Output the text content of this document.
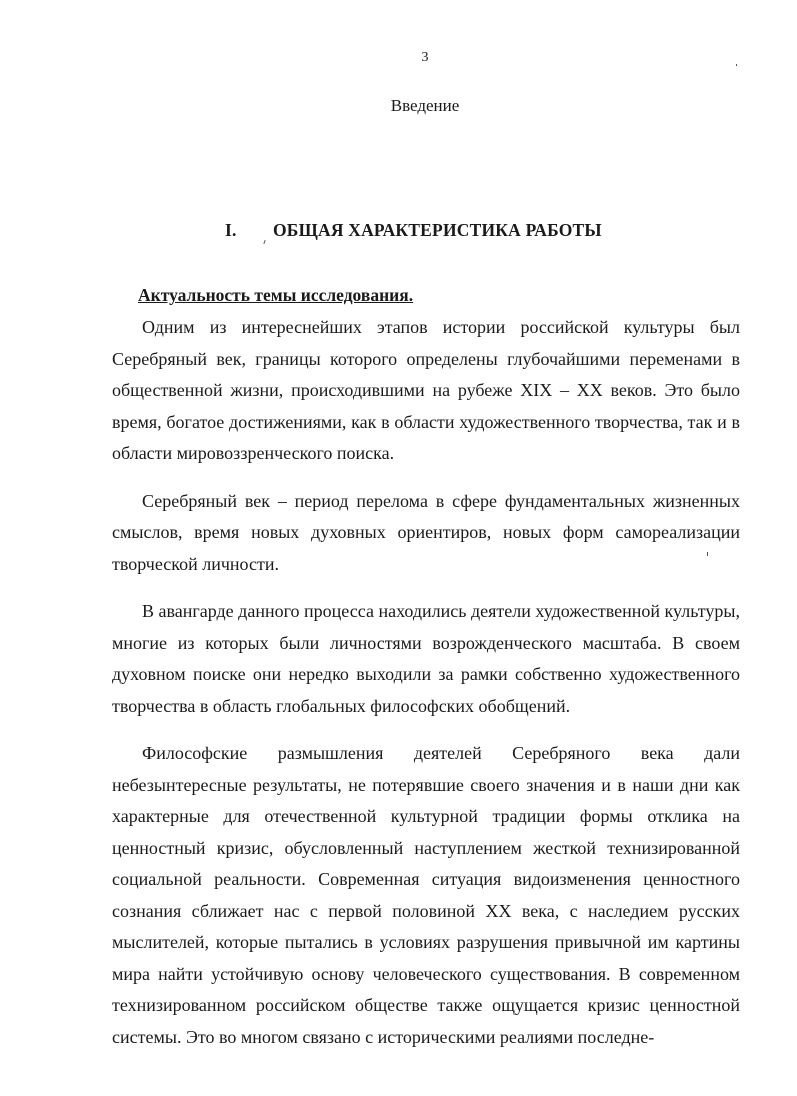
3
Введение
I. ОБЩАЯ ХАРАКТЕРИСТИКА РАБОТЫ
Актуальность темы исследования.

Одним из интереснейших этапов истории российской культуры был Серебряный век, границы которого определены глубочайшими переменами в общественной жизни, происходившими на рубеже XIX – XX веков. Это было время, богатое достижениями, как в области художественного творчества, так и в области мировоззренческого поиска.

Серебряный век – период перелома в сфере фундаментальных жизненных смыслов, время новых духовных ориентиров, новых форм самореализации творческой личности.

В авангарде данного процесса находились деятели художественной культуры, многие из которых были личностями возрожденческого масштаба. В своем духовном поиске они нередко выходили за рамки собственно художественного творчества в область глобальных философских обобщений.

Философские размышления деятелей Серебряного века дали небезынтересные результаты, не потерявшие своего значения и в наши дни как характерные для отечественной культурной традиции формы отклика на ценностный кризис, обусловленный наступлением жесткой технизированной социальной реальности. Современная ситуация видоизменения ценностного сознания сближает нас с первой половиной XX века, с наследием русских мыслителей, которые пытались в условиях разрушения привычной им картины мира найти устойчивую основу человеческого существования. В современном технизированном российском обществе также ощущается кризис ценностной системы. Это во многом связано с историческими реалиями последне-
